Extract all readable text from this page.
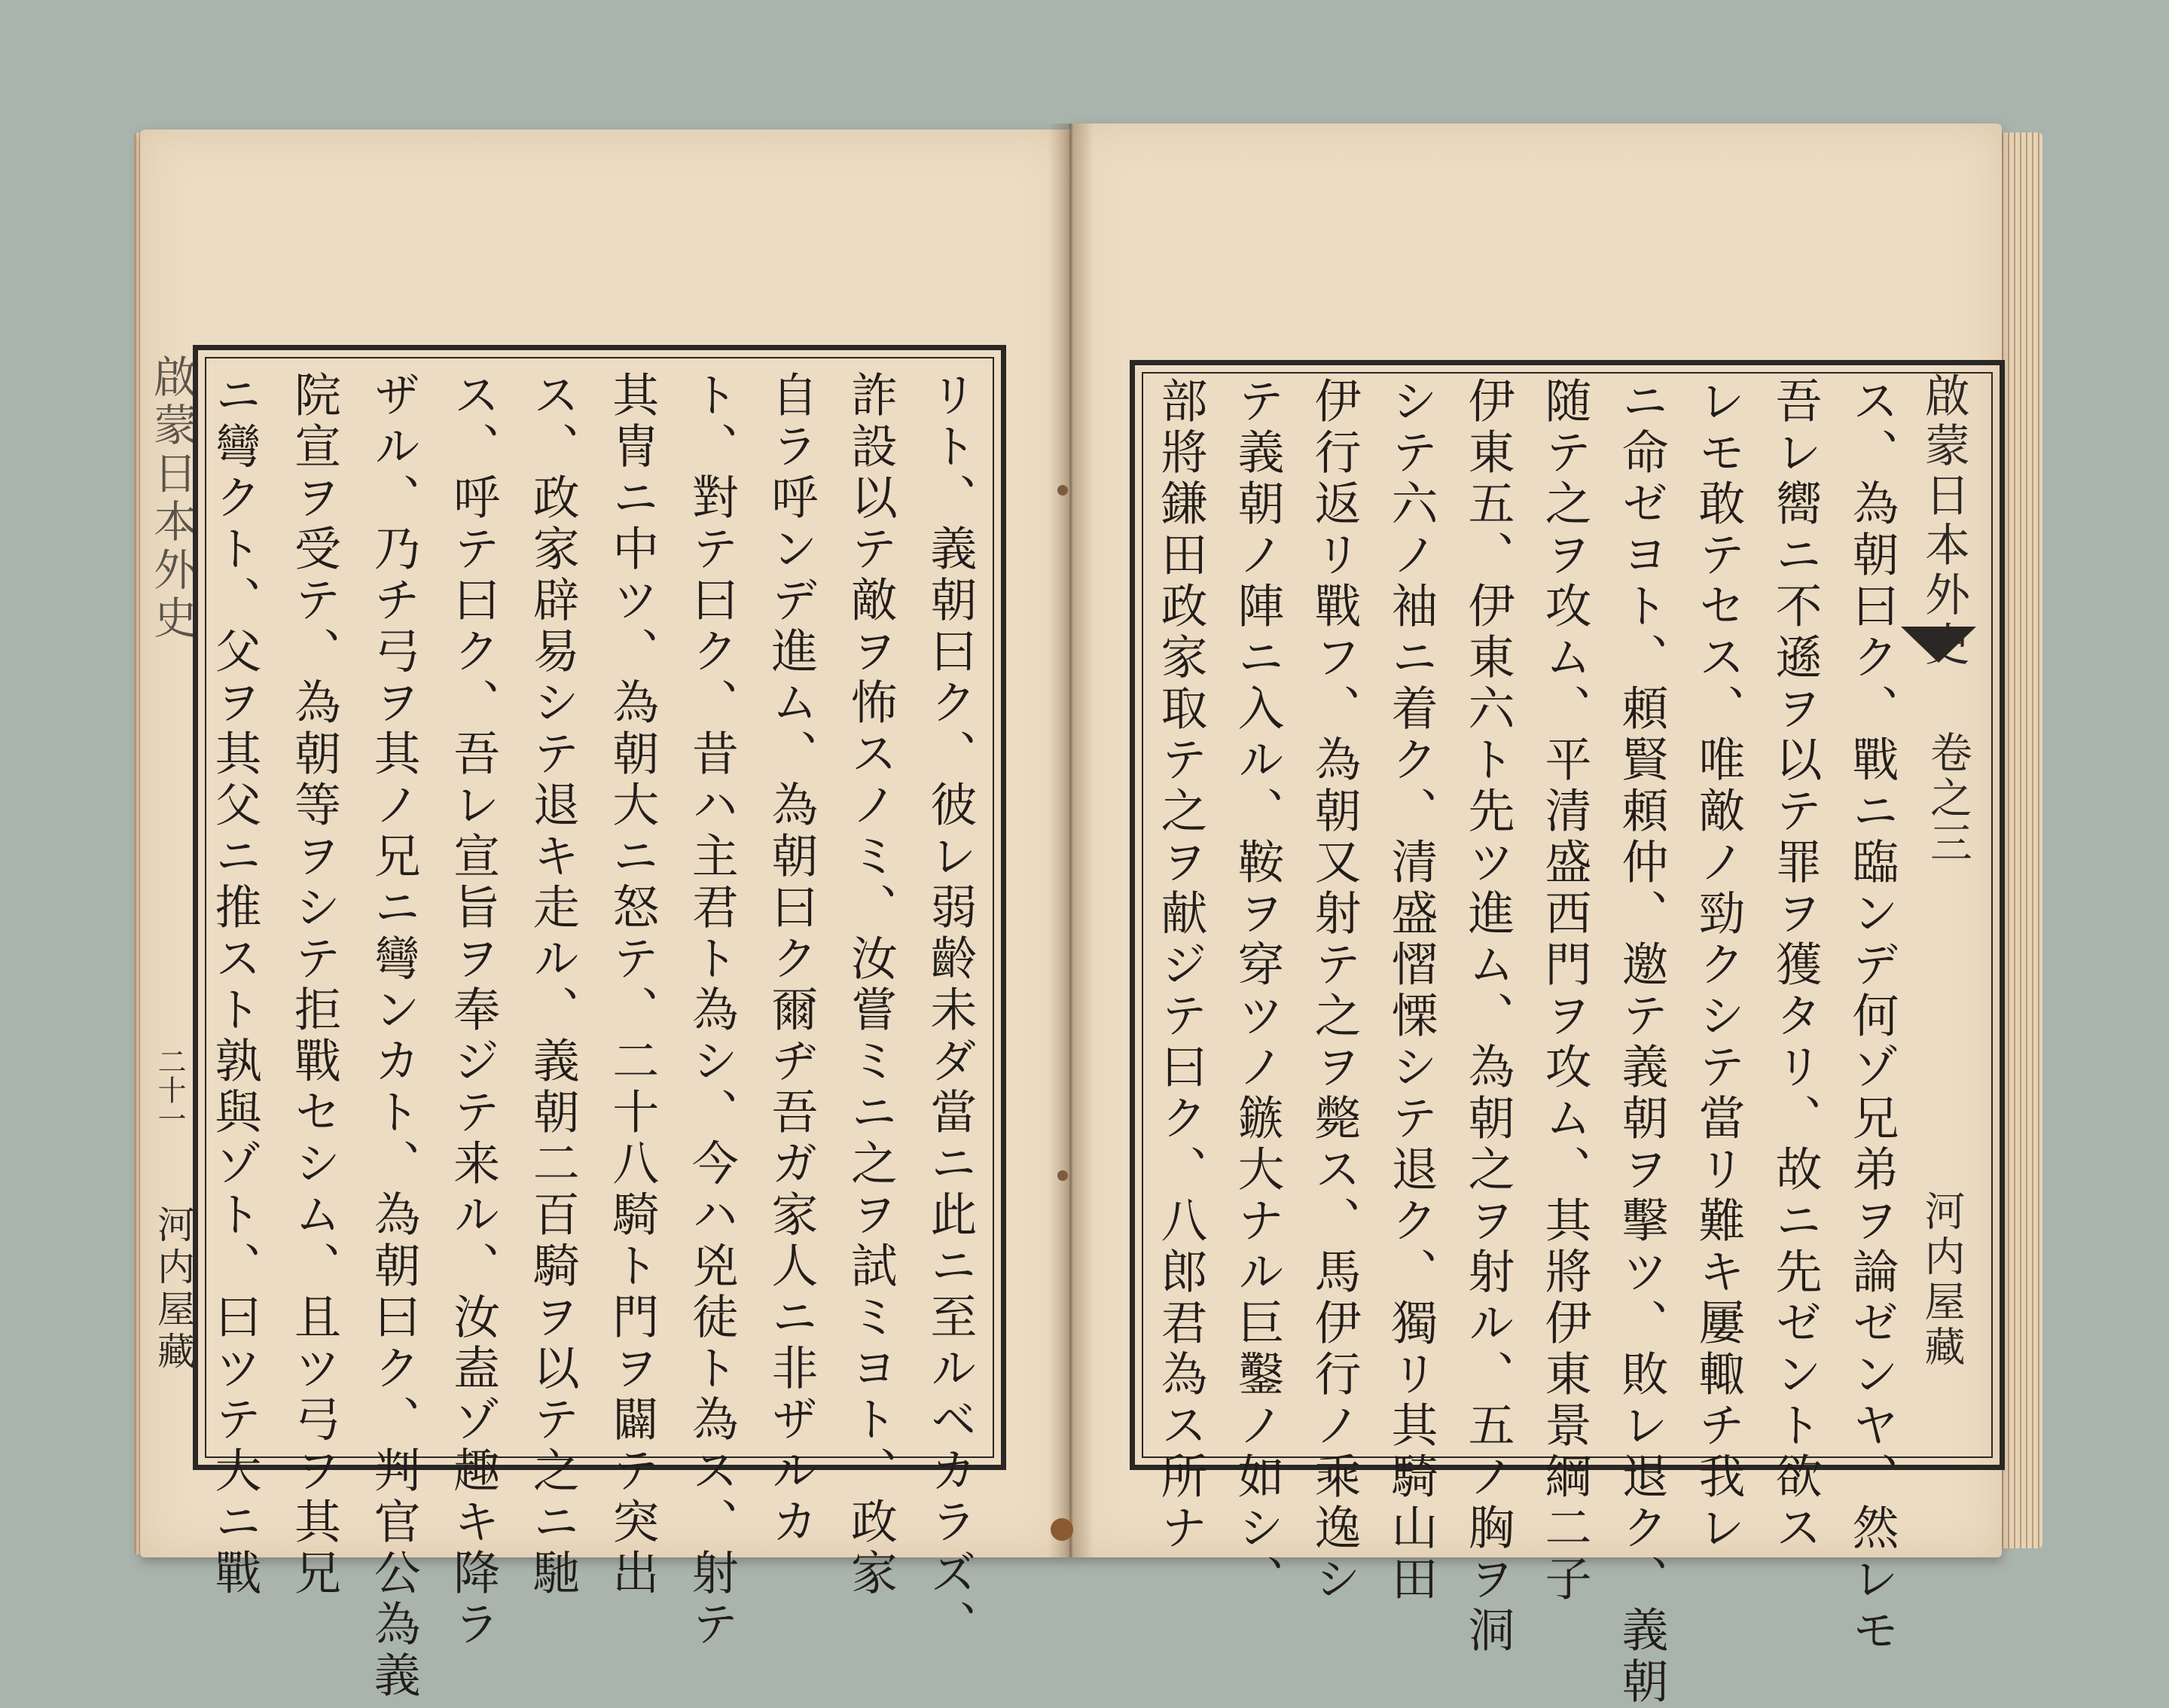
啟蒙日本外史
二十一
河内屋藏	リト、義朝曰ク、彼レ弱齡未ダ當ニ此ニ至ルベカラズ、
詐設以テ敵ヲ怖スノミ、汝嘗ミニ之ヲ試ミヨト、政家
自ラ呼ンデ進ム、為朝曰ク爾ヂ吾ガ家人ニ非ザルカ
ト、對テ曰ク、昔ハ主君ト為シ、今ハ兇徒ト為ス、射テ
其冑ニ中ツ、為朝大ニ怒テ、二十八騎ト門ヲ闢テ突出
ス、政家辟易シテ退キ走ル、義朝二百騎ヲ以テ之ニ馳
ス、呼テ曰ク、吾レ宣旨ヲ奉ジテ来ル、汝盍ゾ趣キ降ラ
ザル、乃チ弓ヲ其ノ兄ニ彎ンカト、為朝曰ク、判官公為義
院宣ヲ受テ、為朝等ヲシテ拒戰セシム、且ツ弓ヲ其兄
ニ彎クト、父ヲ其父ニ推スト孰與ゾト、曰ツテ大ニ戰	啟蒙日本外史
卷之三
河内屋藏
ス、為朝曰ク、戰ニ臨ンデ何ゾ兄弟ヲ論ゼンヤ、然レモ
吾レ嚮ニ不遜ヲ以テ罪ヲ獲タリ、故ニ先ゼント欲ス
レモ敢テセス、唯敵ノ勁クシテ當リ難キ屢輙チ我レ
ニ命ゼヨト、頼賢頼仲、邀テ義朝ヲ擊ツ、敗レ退ク、義朝
随テ之ヲ攻ム、平清盛西門ヲ攻ム、其將伊東景綱二子
伊東五、伊東六ト先ツ進ム、為朝之ヲ射ル、五ノ胸ヲ洞
シテ六ノ袖ニ着ク、清盛慴慄シテ退ク、獨リ其騎山田
伊行返リ戰フ、為朝又射テ之ヲ斃ス、馬伊行ノ乘逸シ
テ義朝ノ陣ニ入ル、鞍ヲ穿ツノ鏃大ナル巨鑿ノ如シ、
部將鎌田政家取テ之ヲ献ジテ曰ク、八郎君為ス所ナ
